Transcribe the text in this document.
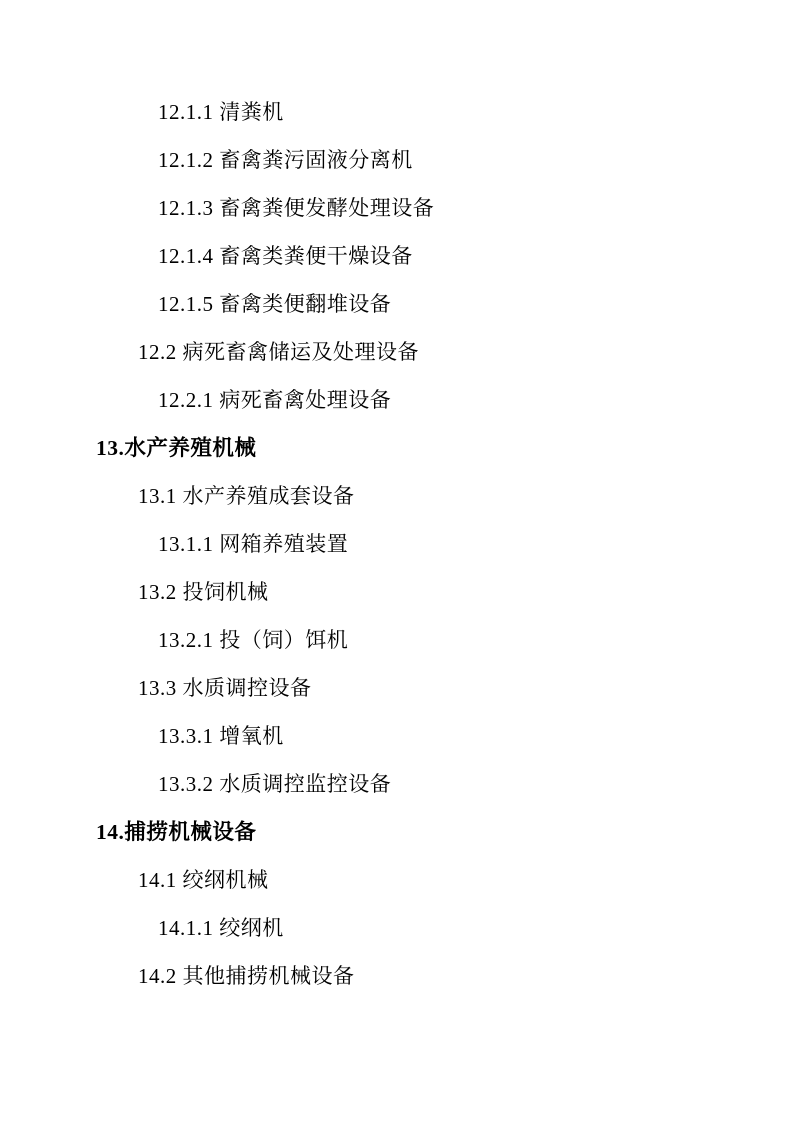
12.1.1 清粪机
12.1.2 畜禽粪污固液分离机
12.1.3 畜禽粪便发酵处理设备
12.1.4 畜禽类粪便干燥设备
12.1.5 畜禽类便翻堆设备
12.2 病死畜禽储运及处理设备
12.2.1 病死畜禽处理设备
13.水产养殖机械
13.1 水产养殖成套设备
13.1.1 网箱养殖装置
13.2 投饲机械
13.2.1 投（饲）饵机
13.3 水质调控设备
13.3.1 增氧机
13.3.2 水质调控监控设备
14.捕捞机械设备
14.1 绞纲机械
14.1.1 绞纲机
14.2 其他捕捞机械设备
